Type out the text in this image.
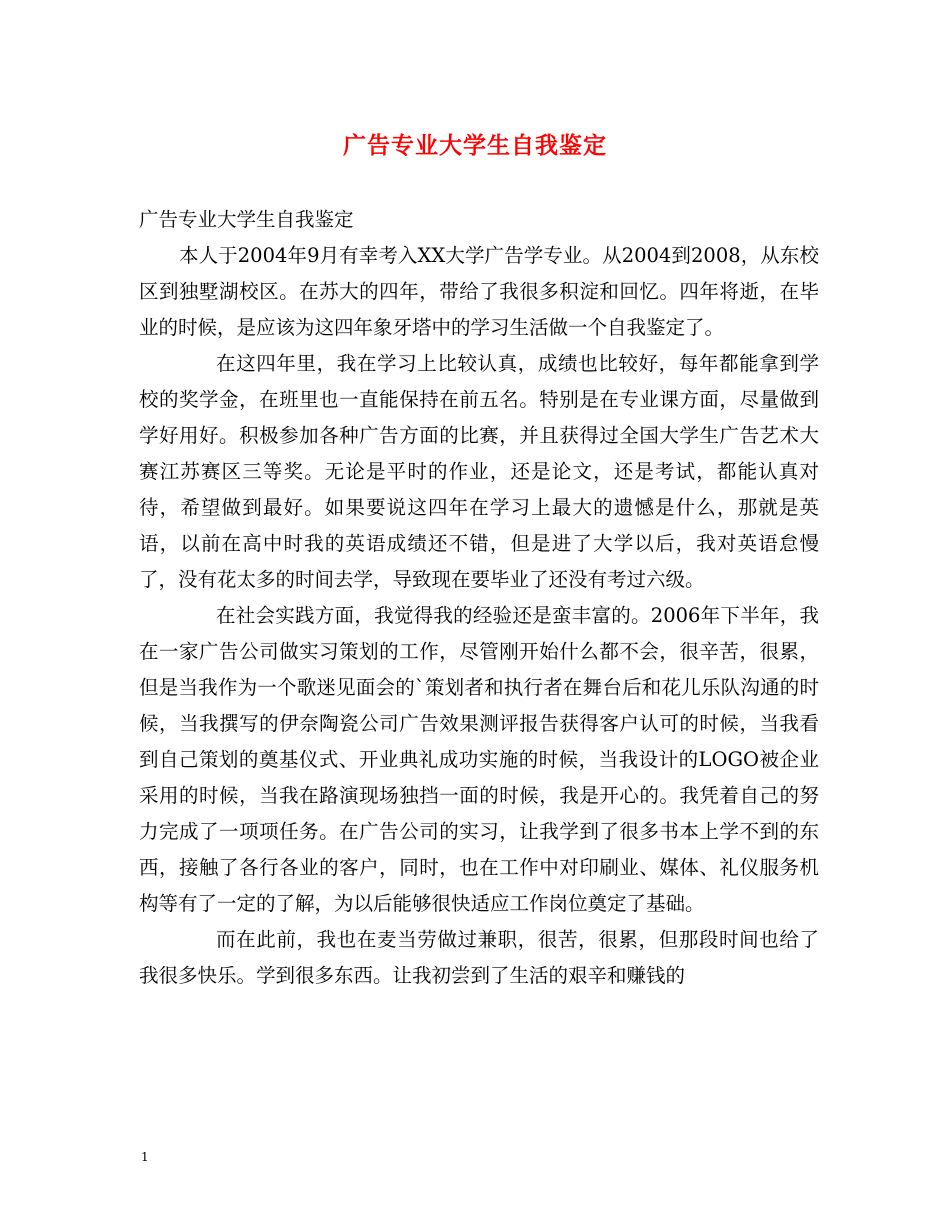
广告专业大学生自我鉴定

广告专业大学生自我鉴定

本人于2004年9月有幸考入XX大学广告学专业。从2004到2008，从东校区到独墅湖校区。在苏大的四年，带给了我很多积淀和回忆。四年将逝，在毕业的时候，是应该为这四年象牙塔中的学习生活做一个自我鉴定了。

在这四年里，我在学习上比较认真，成绩也比较好，每年都能拿到学校的奖学金，在班里也一直能保持在前五名。特别是在专业课方面，尽量做到学好用好。积极参加各种广告方面的比赛，并且获得过全国大学生广告艺术大赛江苏赛区三等奖。无论是平时的作业，还是论文，还是考试，都能认真对待，希望做到最好。如果要说这四年在学习上最大的遗憾是什么，那就是英语，以前在高中时我的英语成绩还不错，但是进了大学以后，我对英语怠慢了，没有花太多的时间去学，导致现在要毕业了还没有考过六级。

在社会实践方面，我觉得我的经验还是蛮丰富的。2006年下半年，我在一家广告公司做实习策划的工作，尽管刚开始什么都不会，很辛苦，很累，但是当我作为一个歌迷见面会的`策划者和执行者在舞台后和花儿乐队沟通的时候，当我撰写的伊奈陶瓷公司广告效果测评报告获得客户认可的时候，当我看到自己策划的奠基仪式、开业典礼成功实施的时候，当我设计的LOGO被企业采用的时候，当我在路演现场独挡一面的时候，我是开心的。我凭着自己的努力完成了一项项任务。在广告公司的实习，让我学到了很多书本上学不到的东西，接触了各行各业的客户，同时，也在工作中对印刷业、媒体、礼仪服务机构等有了一定的了解，为以后能够很快适应工作岗位奠定了基础。

而在此前，我也在麦当劳做过兼职，很苦，很累，但那段时间也给了我很多快乐。学到很多东西。让我初尝到了生活的艰辛和赚钱的

1
